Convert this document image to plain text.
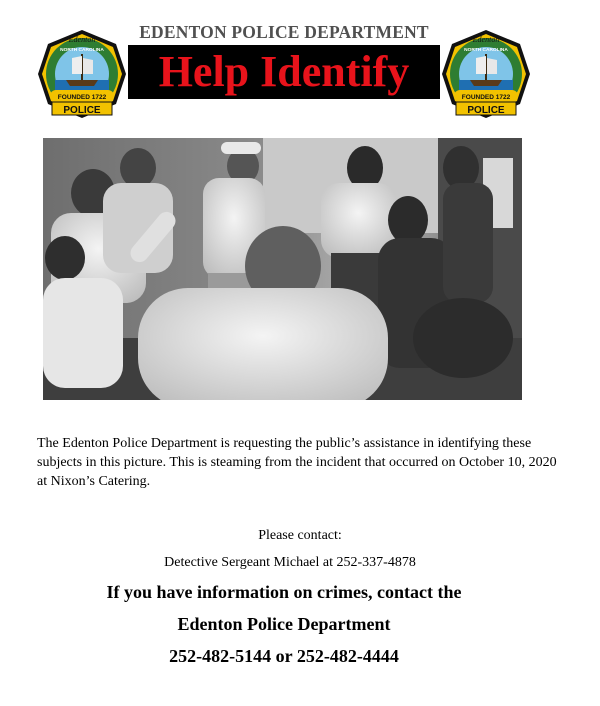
EDENTON POLICE DEPARTMENT
Help Identify
FOUNDED 1722
POLICE
Edenton
NORTH CAROLINA
FOUNDED 1722
POLICE
Edenton
NORTH CAROLINA
The Edenton Police Department is requesting the public’s assistance in identifying these subjects in this picture. This is steaming from the incident that occurred on October 10, 2020 at Nixon’s Catering.
Please contact:
Detective Sergeant Michael at 252-337-4878
If you have information on crimes, contact the
Edenton Police Department
252-482-5144 or 252-482-4444
